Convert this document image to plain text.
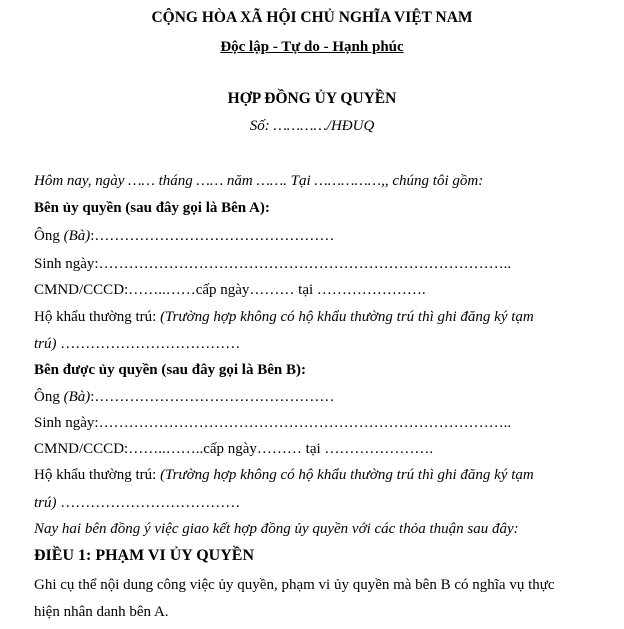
CỘNG HÒA XÃ HỘI CHỦ NGHĨA VIỆT NAM
Độc lập - Tự do - Hạnh phúc
HỢP ĐỒNG ỦY QUYỀN
Số: …………/HĐUQ
Hôm nay, ngày …… tháng …… năm ……. Tại ……………,, chúng tôi gồm:
Bên ủy quyền (sau đây gọi là Bên A):
Ông (Bà):…………………………………………
Sinh ngày:………………………………………………………………………..
CMND/CCCD:……..……cấp ngày……… tại ………………….
Hộ khẩu thường trú: (Trường hợp không có hộ khẩu thường trú thì ghi đăng ký tạm
trú) ………………………………
Bên được ủy quyền (sau đây gọi là Bên B):
Ông (Bà):…………………………………………
Sinh ngày:………………………………………………………………………..
CMND/CCCD:……..……..cấp ngày……… tại ………………….
Hộ khẩu thường trú: (Trường hợp không có hộ khẩu thường trú thì ghi đăng ký tạm
trú) ………………………………
Nay hai bên đồng ý việc giao kết hợp đồng ủy quyền với các thỏa thuận sau đây:
ĐIỀU 1: PHẠM VI ỦY QUYỀN
Ghi cụ thể nội dung công việc ủy quyền, phạm vi ủy quyền mà bên B có nghĩa vụ thực
hiện nhân danh bên A.
